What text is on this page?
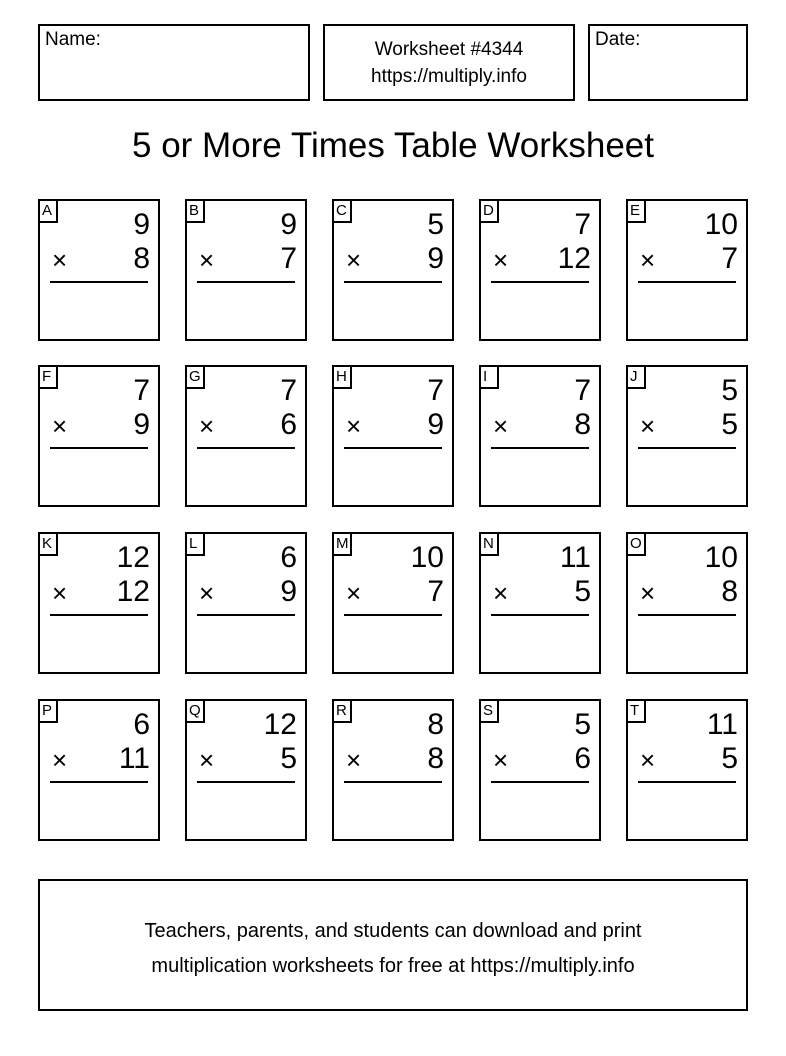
Name:	Worksheet #4344
https://multiply.info
Date:
5 or More Times Table Worksheet
A	9
× 8
B	9
× 7
C	5
× 9
D	7
× 12
E 10
× 7
F	7
× 9
G	7
× 6
H	7
× 9
I	7
× 8
J	5
× 5
K 12
× 12
L	6
× 9
M 10
× 7
N 11
× 5
O 10
× 8
P	6
× 11
Q 12
× 5
R	8
× 8
S	5
× 6
T 11
× 5
Teachers, parents, and students can download and print
multiplication worksheets for free at https://multiply.info
